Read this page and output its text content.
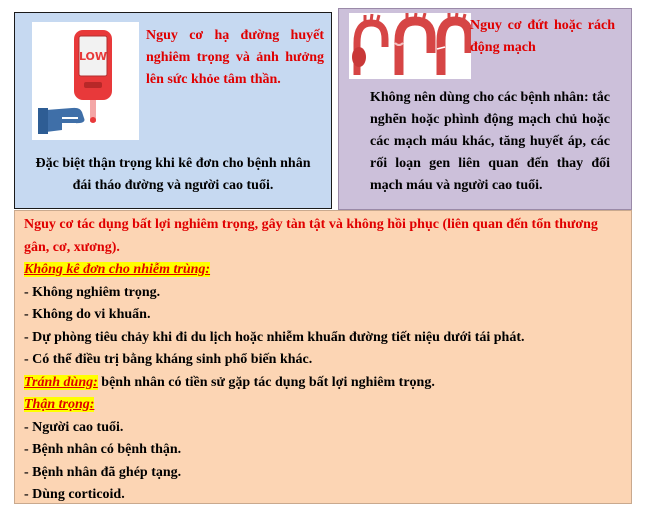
LOW

Nguy cơ hạ đường huyết nghiêm trọng và ảnh hưởng lên sức khỏe tâm thần.

Đặc biệt thận trọng khi kê đơn cho bệnh nhân đái tháo đường và người cao tuổi.

Nguy cơ đứt hoặc rách động mạch

Không nên dùng cho các bệnh nhân: tắc nghẽn hoặc phình động mạch chủ hoặc các mạch máu khác, tăng huyết áp, các rối loạn gen liên quan đến thay đổi mạch máu và người cao tuổi.

Nguy cơ tác dụng bất lợi nghiêm trọng, gây tàn tật và không hồi phục (liên quan đến tổn thương gân, cơ, xương).

Không kê đơn cho nhiễm trùng:

- Không nghiêm trọng.

- Không do vi khuẩn.

- Dự phòng tiêu chảy khi đi du lịch hoặc nhiễm khuẩn đường tiết niệu dưới tái phát.

- Có thể điều trị bằng kháng sinh phổ biến khác.

Tránh dùng: bệnh nhân có tiền sử gặp tác dụng bất lợi nghiêm trọng.

Thận trọng:

- Người cao tuổi.

- Bệnh nhân có bệnh thận.

- Bệnh nhân đã ghép tạng.

- Dùng corticoid.
